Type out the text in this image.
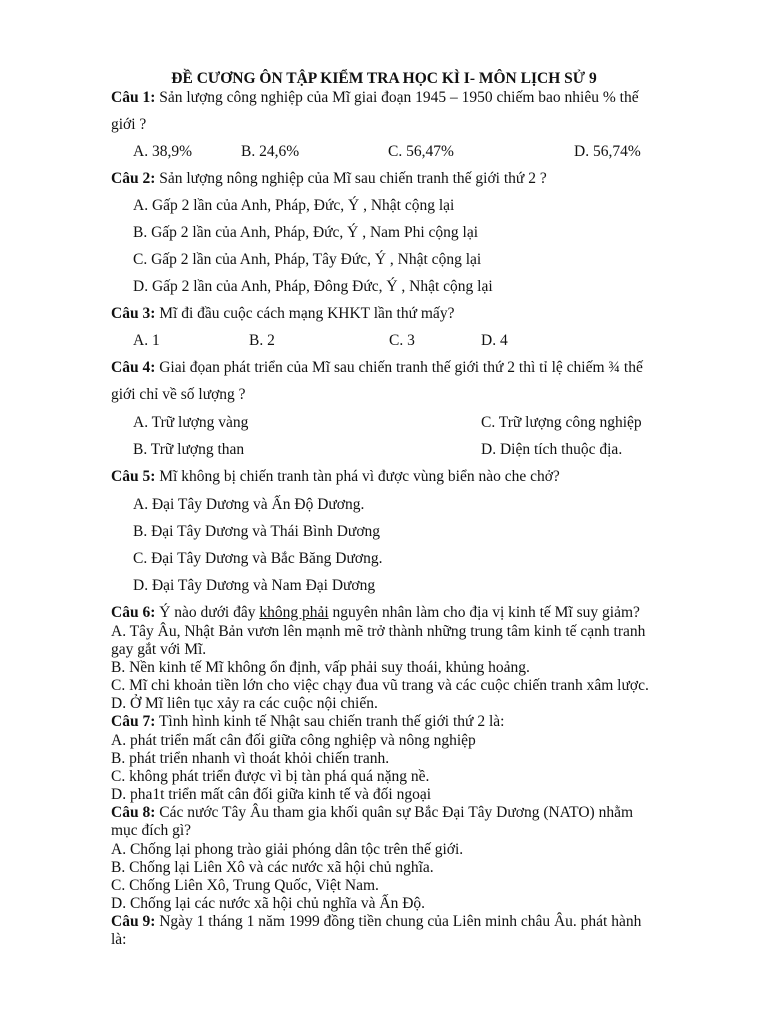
ĐỀ CƯƠNG ÔN TẬP KIỂM TRA HỌC KÌ I- MÔN LỊCH SỬ 9
Câu 1: Sản lượng công nghiệp của Mĩ giai đoạn 1945 – 1950 chiếm bao nhiêu % thế
giới ?
A. 38,9%	B. 24,6%	C. 56,47%	D. 56,74%
Câu 2: Sản lượng nông nghiệp của Mĩ sau chiến tranh thế giới thứ 2 ?
A. Gấp 2 lần của Anh, Pháp, Đức, Ý , Nhật cộng lại
B. Gấp 2 lần của Anh, Pháp, Đức, Ý , Nam Phi cộng lại
C. Gấp 2 lần của Anh, Pháp, Tây Đức, Ý , Nhật cộng lại
D. Gấp 2 lần của Anh, Pháp, Đông Đức, Ý , Nhật cộng lại
Câu 3: Mĩ đi đầu cuộc cách mạng KHKT lần thứ mấy?
A. 1	B. 2	C. 3	D. 4
Câu 4: Giai đọan phát triển của Mĩ sau chiến tranh thế giới thứ 2 thì tỉ lệ chiếm ¾ thế
giới chỉ về số lượng ?
A. Trữ lượng vàng	C. Trữ lượng công nghiệp
B. Trữ lượng than	D. Diện tích thuộc địa.
Câu 5: Mĩ không bị chiến tranh tàn phá vì được vùng biển nào che chở?
A. Đại Tây Dương và Ấn Độ Dương.
B. Đại Tây Dương và Thái Bình Dương
C. Đại Tây Dương và Bắc Băng Dương.
D. Đại Tây Dương và Nam Đại Dương
Câu 6: Ý nào dưới đây không phải nguyên nhân làm cho địa vị kinh tế Mĩ suy giảm?
A. Tây Âu, Nhật Bản vươn lên mạnh mẽ trở thành những trung tâm kinh tế cạnh tranh
gay gắt với Mĩ.
B. Nền kinh tế Mĩ không ổn định, vấp phải suy thoái, khủng hoảng.
C. Mĩ chi khoản tiền lớn cho việc chạy đua vũ trang và các cuộc chiến tranh xâm lược.
D. Ở Mĩ liên tục xảy ra các cuộc nội chiến.
Câu 7: Tình hình kinh tế Nhật sau chiến tranh thế giới thứ 2 là:
A. phát triển mất cân đối giữa công nghiệp và nông nghiệp
B. phát triển nhanh vì thoát khỏi chiến tranh.
C. không phát triển được vì bị tàn phá quá nặng nề.
D. pha1t triển mất cân đối giữa kinh tế và đối ngoại
Câu 8: Các nước Tây Âu tham gia khối quân sự Bắc Đại Tây Dương (NATO) nhằm
mục đích gì?
A. Chống lại phong trào giải phóng dân tộc trên thế giới.
B. Chống lại Liên Xô và các nước xã hội chủ nghĩa.
C. Chống Liên Xô, Trung Quốc, Việt Nam.
D. Chống lại các nước xã hội chủ nghĩa và Ấn Độ.
Câu 9: Ngày 1 tháng 1 năm 1999 đồng tiền chung của Liên minh châu Âu. phát hành
là:
